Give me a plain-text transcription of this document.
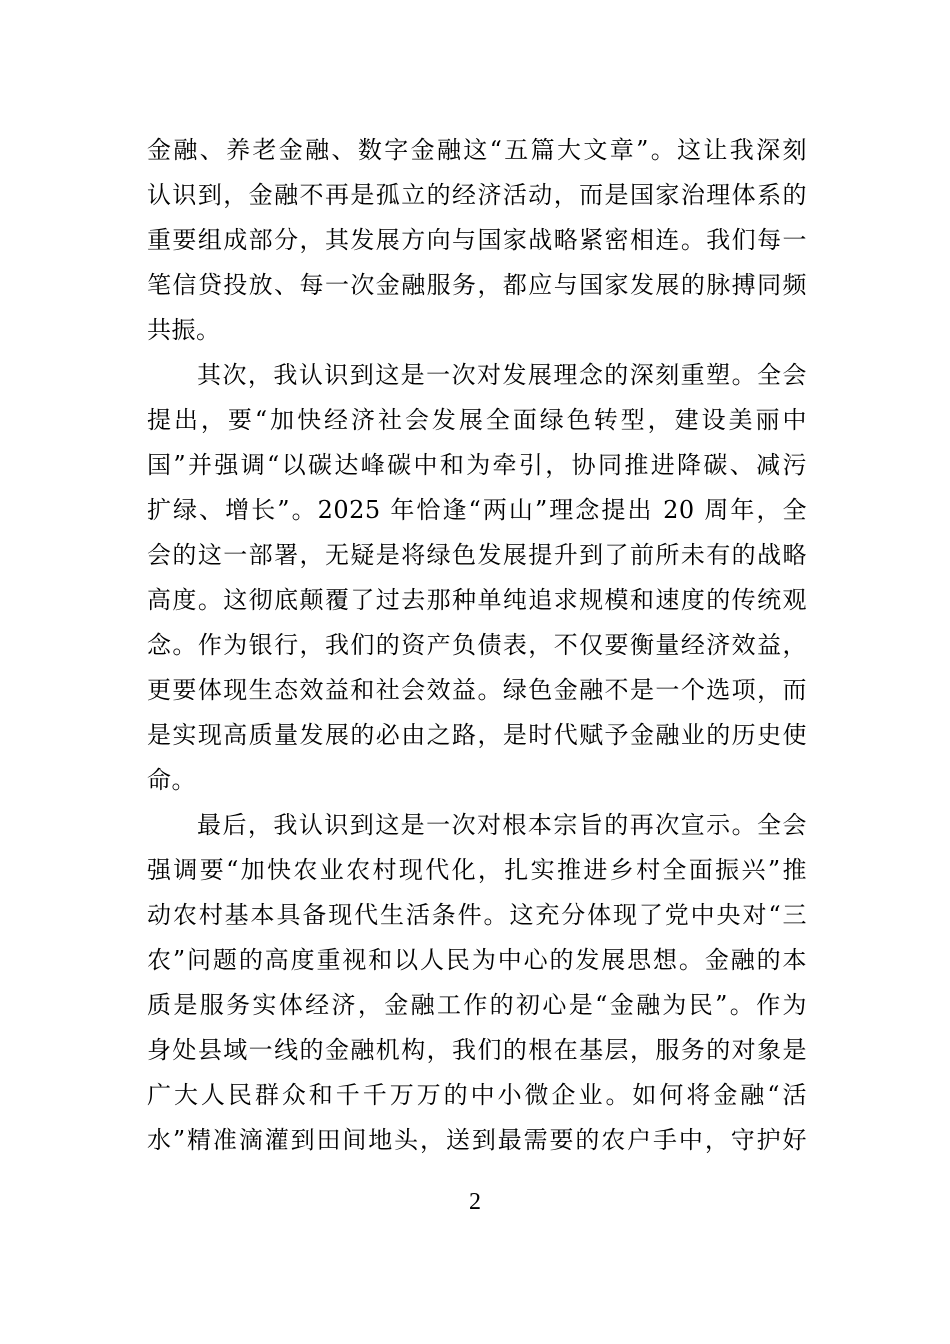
金融、养老金融、数字金融这“五篇大文章”。这让我深刻
认识到，金融不再是孤立的经济活动，而是国家治理体系的
重要组成部分，其发展方向与国家战略紧密相连。我们每一
笔信贷投放、每一次金融服务，都应与国家发展的脉搏同频
共振。
其次，我认识到这是一次对发展理念的深刻重塑。全会
提出，要“加快经济社会发展全面绿色转型，建设美丽中
国”并强调“以碳达峰碳中和为牵引，协同推进降碳、减污
扩绿、增长”。2025 年恰逢“两山”理念提出 20 周年，全
会的这一部署，无疑是将绿色发展提升到了前所未有的战略
高度。这彻底颠覆了过去那种单纯追求规模和速度的传统观
念。作为银行，我们的资产负债表，不仅要衡量经济效益，
更要体现生态效益和社会效益。绿色金融不是一个选项，而
是实现高质量发展的必由之路，是时代赋予金融业的历史使
命。
最后，我认识到这是一次对根本宗旨的再次宣示。全会
强调要“加快农业农村现代化，扎实推进乡村全面振兴”推
动农村基本具备现代生活条件。这充分体现了党中央对“三
农”问题的高度重视和以人民为中心的发展思想。金融的本
质是服务实体经济，金融工作的初心是“金融为民”。作为
身处县域一线的金融机构，我们的根在基层，服务的对象是
广大人民群众和千千万万的中小微企业。如何将金融“活
水”精准滴灌到田间地头，送到最需要的农户手中，守护好
2
